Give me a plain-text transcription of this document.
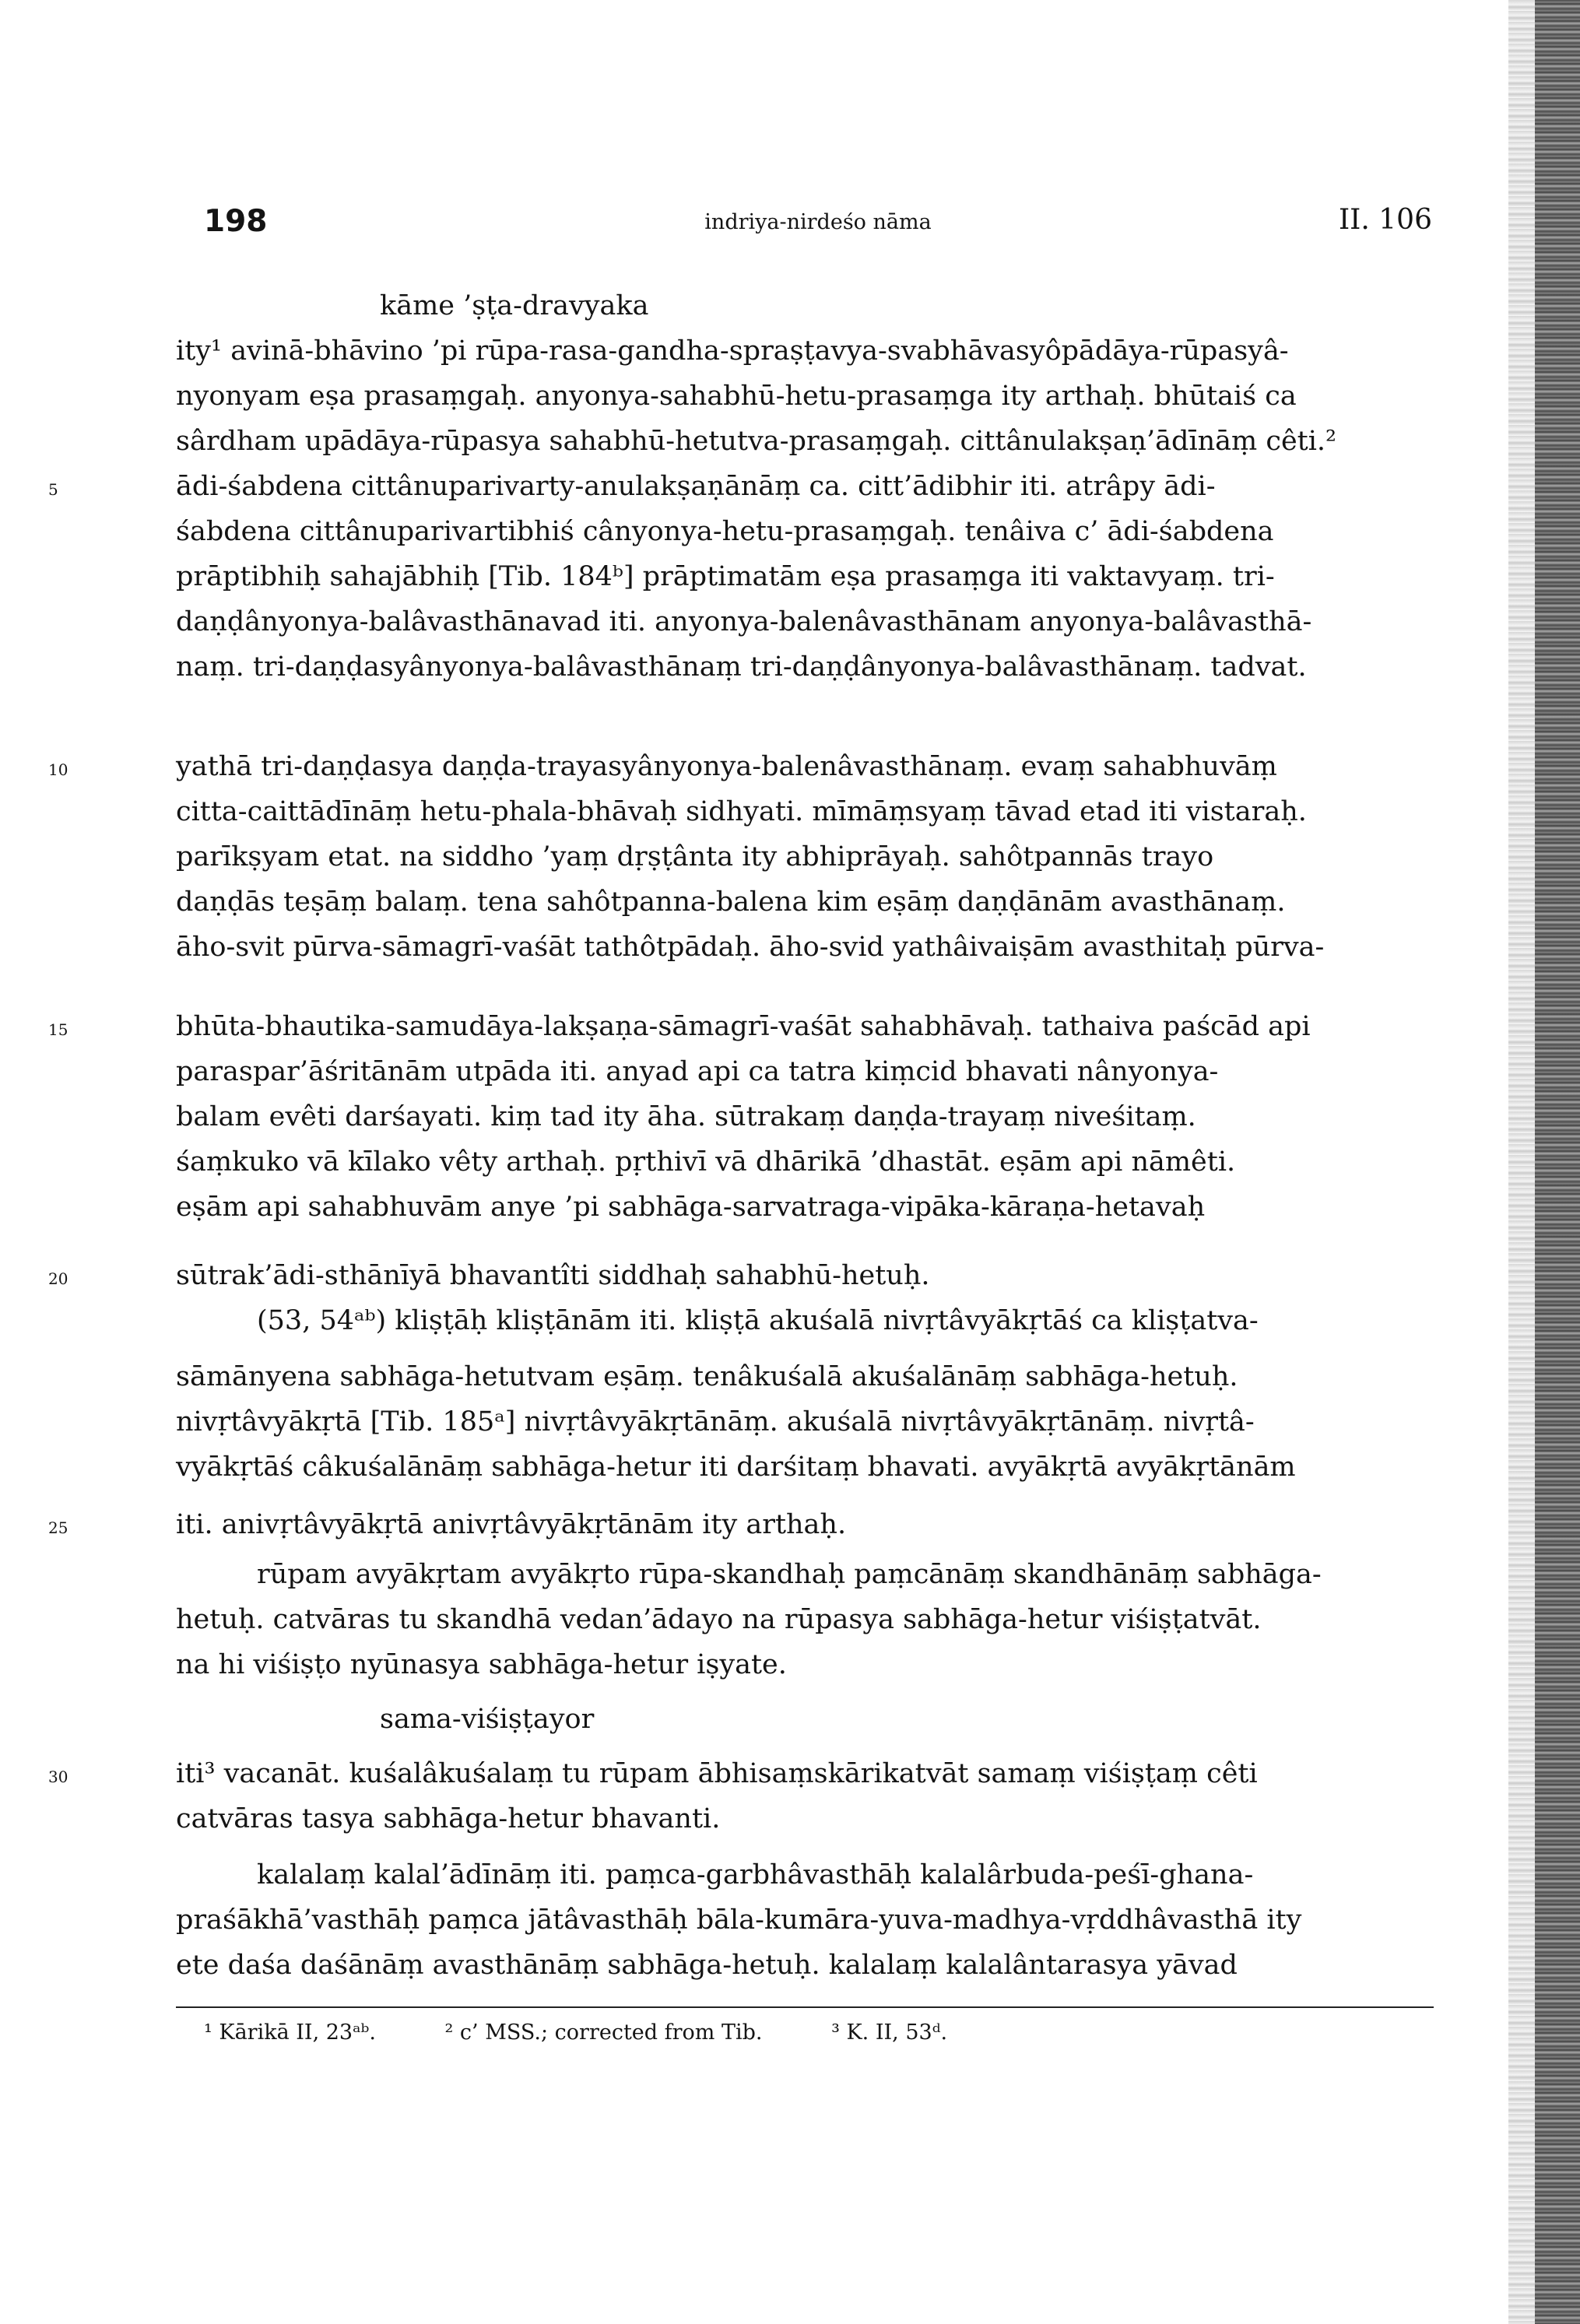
198	indriya-nirdeśo nāma	II. 106
kāme ’ṣṭa-dravyaka
ity¹ avinā-bhāvino ’pi rūpa-rasa-gandha-spraṣṭavya-svabhāvasyôpādāya-rūpasyâ-
nyonyam eṣa prasaṃgaḥ. anyonya-sahabhū-hetu-prasaṃga ity arthaḥ. bhūtaiś ca
sârdham upādāya-rūpasya sahabhū-hetutva-prasaṃgaḥ. cittânulakṣaṇ’ādīnāṃ cêti.²
5	ādi-śabdena cittânuparivarty-anulakṣaṇānāṃ ca. citt’ādibhir iti. atrâpy ādi-
śabdena cittânuparivartibhiś cânyonya-hetu-prasaṃgaḥ. tenâiva c’ ādi-śabdena
prāptibhiḥ sahajābhiḥ [Tib. 184ᵇ] prāptimatām eṣa prasaṃga iti vaktavyaṃ. tri-
daṇḍânyonya-balâvasthānavad iti. anyonya-balenâvasthānam anyonya-balâvasthā-
naṃ. tri-daṇḍasyânyonya-balâvasthānaṃ tri-daṇḍânyonya-balâvasthānaṃ. tadvat.
10	yathā tri-daṇḍasya daṇḍa-trayasyânyonya-balenâvasthānaṃ. evaṃ sahabhuvāṃ
citta-caittādīnāṃ hetu-phala-bhāvaḥ sidhyati. mīmāṃsyaṃ tāvad etad iti vistaraḥ.
parīkṣyam etat. na siddho ’yaṃ dṛṣṭânta ity abhiprāyaḥ. sahôtpannās trayo
daṇḍās teṣāṃ balaṃ. tena sahôtpanna-balena kim eṣāṃ daṇḍānām avasthānaṃ.
āho-svit pūrva-sāmagrī-vaśāt tathôtpādaḥ. āho-svid yathâivaiṣām avasthitaḥ pūrva-
15	bhūta-bhautika-samudāya-lakṣaṇa-sāmagrī-vaśāt sahabhāvaḥ. tathaiva paścād api
paraspar’āśritānām utpāda iti. anyad api ca tatra kiṃcid bhavati nânyonya-
balam evêti darśayati. kiṃ tad ity āha. sūtrakaṃ daṇḍa-trayaṃ niveśitaṃ.
śaṃkuko vā kīlako vêty arthaḥ. pṛthivī vā dhārikā ’dhastāt. eṣām api nāmêti.
eṣām api sahabhuvām anye ’pi sabhāga-sarvatraga-vipāka-kāraṇa-hetavaḥ
20	sūtrak’ādi-sthānīyā bhavantîti siddhaḥ sahabhū-hetuḥ.
(53, 54ᵃᵇ) kliṣṭāḥ kliṣṭānām iti. kliṣṭā akuśalā nivṛtâvyākṛtāś ca kliṣṭatva-
sāmānyena sabhāga-hetutvam eṣāṃ. tenâkuśalā akuśalānāṃ sabhāga-hetuḥ.
nivṛtâvyākṛtā [Tib. 185ᵃ] nivṛtâvyākṛtānāṃ. akuśalā nivṛtâvyākṛtānāṃ. nivṛtâ-
vyākṛtāś câkuśalānāṃ sabhāga-hetur iti darśitaṃ bhavati. avyākṛtā avyākṛtānām
25	iti. anivṛtâvyākṛtā anivṛtâvyākṛtānām ity arthaḥ.
rūpam avyākṛtam avyākṛto rūpa-skandhaḥ paṃcānāṃ skandhānāṃ sabhāga-
hetuḥ. catvāras tu skandhā vedan’ādayo na rūpasya sabhāga-hetur viśiṣṭatvāt.
na hi viśiṣṭo nyūnasya sabhāga-hetur iṣyate.
sama-viśiṣṭayor
30	iti³ vacanāt. kuśalâkuśalaṃ tu rūpam ābhisaṃskārikatvāt samaṃ viśiṣṭaṃ cêti
catvāras tasya sabhāga-hetur bhavanti.
kalalaṃ kalal’ādīnāṃ iti. paṃca-garbhâvasthāḥ kalalârbuda-peśī-ghana-
praśākhā’vasthāḥ paṃca jātâvasthāḥ bāla-kumāra-yuva-madhya-vṛddhâvasthā ity
ete daśa daśānāṃ avasthānāṃ sabhāga-hetuḥ. kalalaṃ kalalântarasya yāvad
¹ Kārikā II, 23ᵃᵇ.	² c’ MSS.; corrected from Tib.	³ K. II, 53ᵈ.
